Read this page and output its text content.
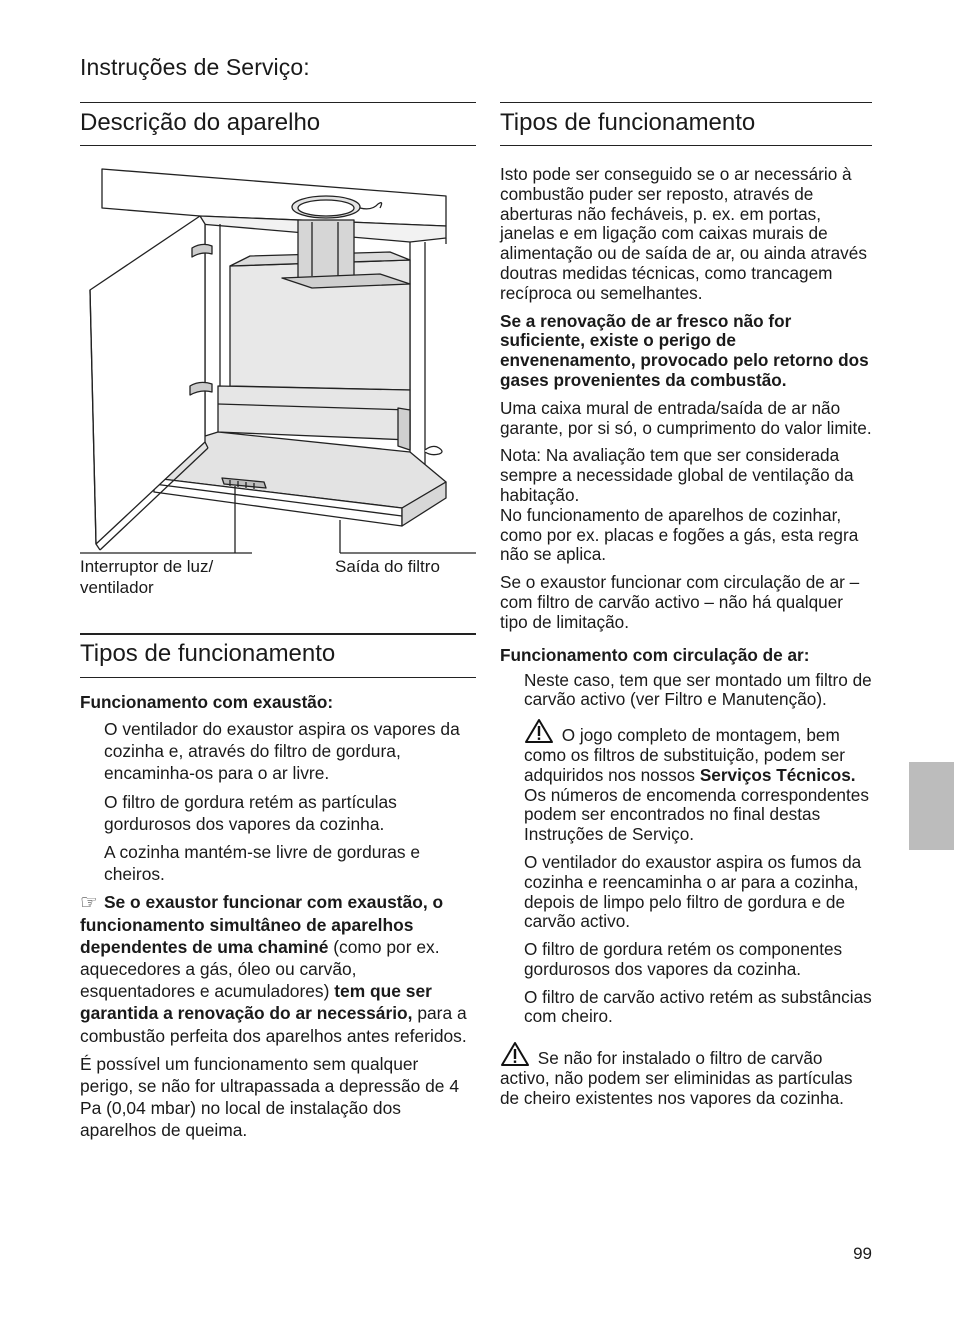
Instruções de Serviço:
Descrição do aparelho
Interruptor de luz/
ventilador
Saída do filtro
Tipos de funcionamento
Funcionamento com exaustão:

O ventilador do exaustor aspira os vapores da cozinha e, através do filtro de gordura, encaminha-os para o ar livre.

O filtro de gordura retém as partículas gordurosos dos vapores da cozinha.

A cozinha mantém-se livre de gorduras e cheiros.

☞ Se o exaustor funcionar com exaustão, o funcionamento simultâneo de aparelhos dependentes de uma chaminé (como por ex. aquecedores a gás, óleo ou carvão, esquentadores e acumuladores) tem que ser garantida a renovação do ar necessário, para a combustão perfeita dos aparelhos antes referidos.

É possível um funcionamento sem qualquer perigo, se não for ultrapassada a depressão de 4 Pa (0,04 mbar) no local de instalação dos aparelhos de queima.

Tipos de funcionamento

Isto pode ser conseguido se o ar necessário à combustão puder ser reposto, através de aberturas não fecháveis, p. ex. em portas, janelas e em ligação com caixas murais de alimentação ou de saída de ar, ou ainda através doutras medidas técnicas, como trancagem recíproca ou semelhantes.

Se a renovação de ar fresco não for suficiente, existe o perigo de envenenamento, provocado pelo retorno dos gases provenientes da combustão.

Uma caixa mural de entrada/saída de ar não garante, por si só, o cumprimento do valor limite.

Nota: Na avaliação tem que ser considerada sempre a necessidade global de ventilação da habitação.
No funcionamento de aparelhos de cozinhar, como por ex. placas e fogões a gás, esta regra não se aplica.

Se o exaustor funcionar com circulação de ar – com filtro de carvão activo – não há qualquer tipo de limitação.

Funcionamento com circulação de ar:

Neste caso, tem que ser montado um filtro de carvão activo (ver Filtro e Manutenção).

O jogo completo de montagem, bem como os filtros de substituição, podem ser adquiridos nos nossos Serviços Técnicos.
Os números de encomenda correspondentes podem ser encontrados no final destas Instruções de Serviço.

O ventilador do exaustor aspira os fumos da cozinha e reencaminha o ar para a cozinha, depois de limpo pelo filtro de gordura e de carvão activo.

O filtro de gordura retém os componentes gordurosos dos vapores da cozinha.

O filtro de carvão activo retém as substâncias com cheiro.

Se não for instalado o filtro de carvão activo, não podem ser eliminidas as partículas de cheiro existentes nos vapores da cozinha.

99
